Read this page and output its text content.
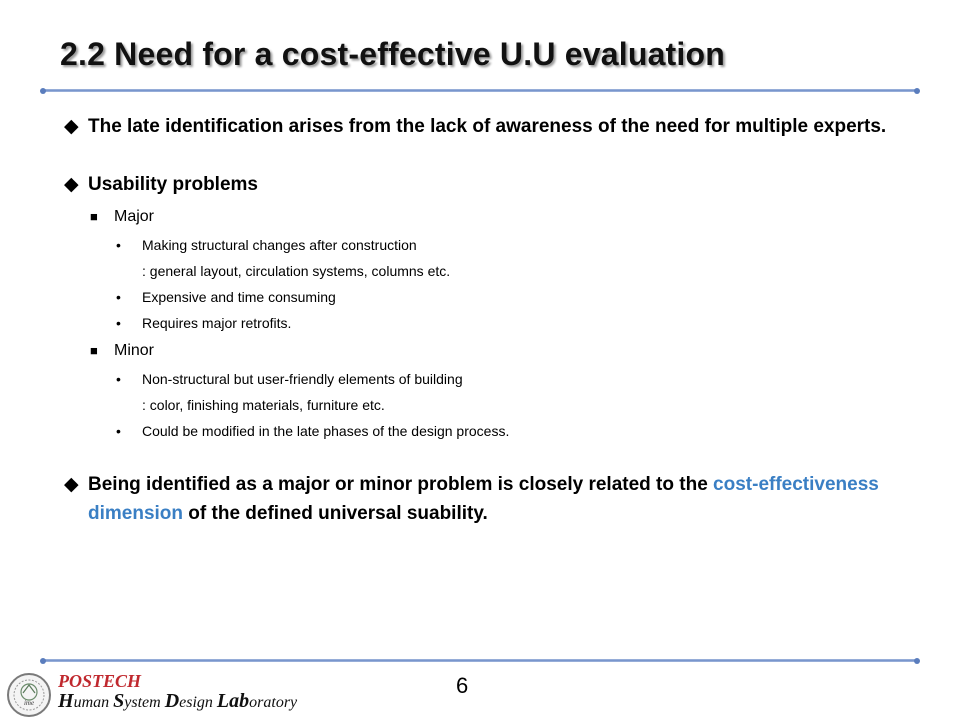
2.2 Need for a cost-effective U.U evaluation
◆ The late identification arises from the lack of awareness of the need for multiple experts.
◆ Usability problems
■ Major
• Making structural changes after construction
: general layout, circulation systems, columns etc.
• Expensive and time consuming
• Requires major retrofits.
■ Minor
• Non-structural but user-friendly elements of building
: color, finishing materials, furniture etc.
• Could be modified in the late phases of the design process.
◆ Being identified as a major or minor problem is closely related to the cost-effectiveness dimension of the defined universal suability.
ime
POSTECH
Human System Design Laboratory
6
